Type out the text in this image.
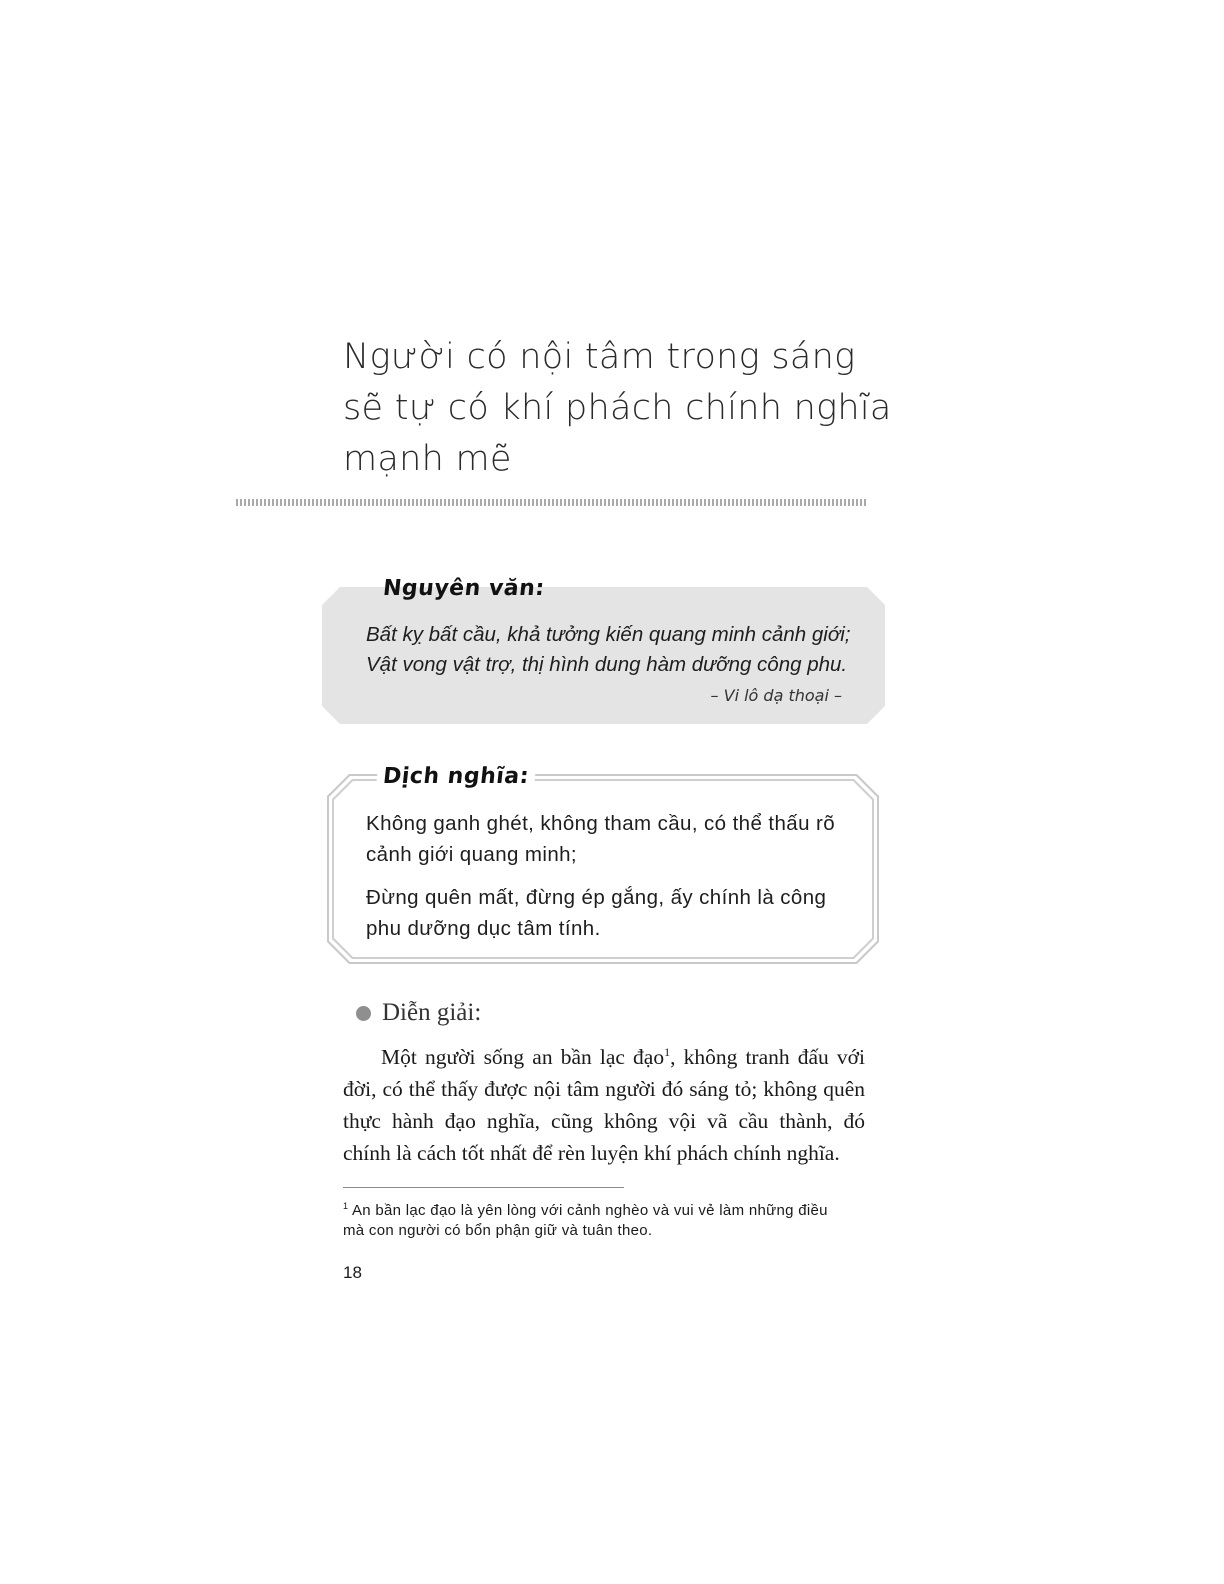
Người có nội tâm trong sáng
sẽ tự có khí phách chính nghĩa
mạnh mẽ
Nguyên văn:
Bất kỵ bất cầu, khả tưởng kiến quang minh cảnh giới;
Vật vong vật trợ, thị hình dung hàm dưỡng công phu.
– Vi lô dạ thoại –
Dịch nghĩa:

Không ganh ghét, không tham cầu, có thể thấu rõ cảnh giới quang minh;

Đừng quên mất, đừng ép gắng, ấy chính là công phu dưỡng dục tâm tính.

Diễn giải:
Một người sống an bần lạc đạo$^1$, không tranh đấu với
đời, có thể thấy được nội tâm người đó sáng tỏ; không quên
thực hành đạo nghĩa, cũng không vội vã cầu thành, đó
chính là cách tốt nhất để rèn luyện khí phách chính nghĩa.
$^1$ An bần lạc đạo là yên lòng với cảnh nghèo và vui vẻ làm những điều
mà con người có bổn phận giữ và tuân theo.
18
